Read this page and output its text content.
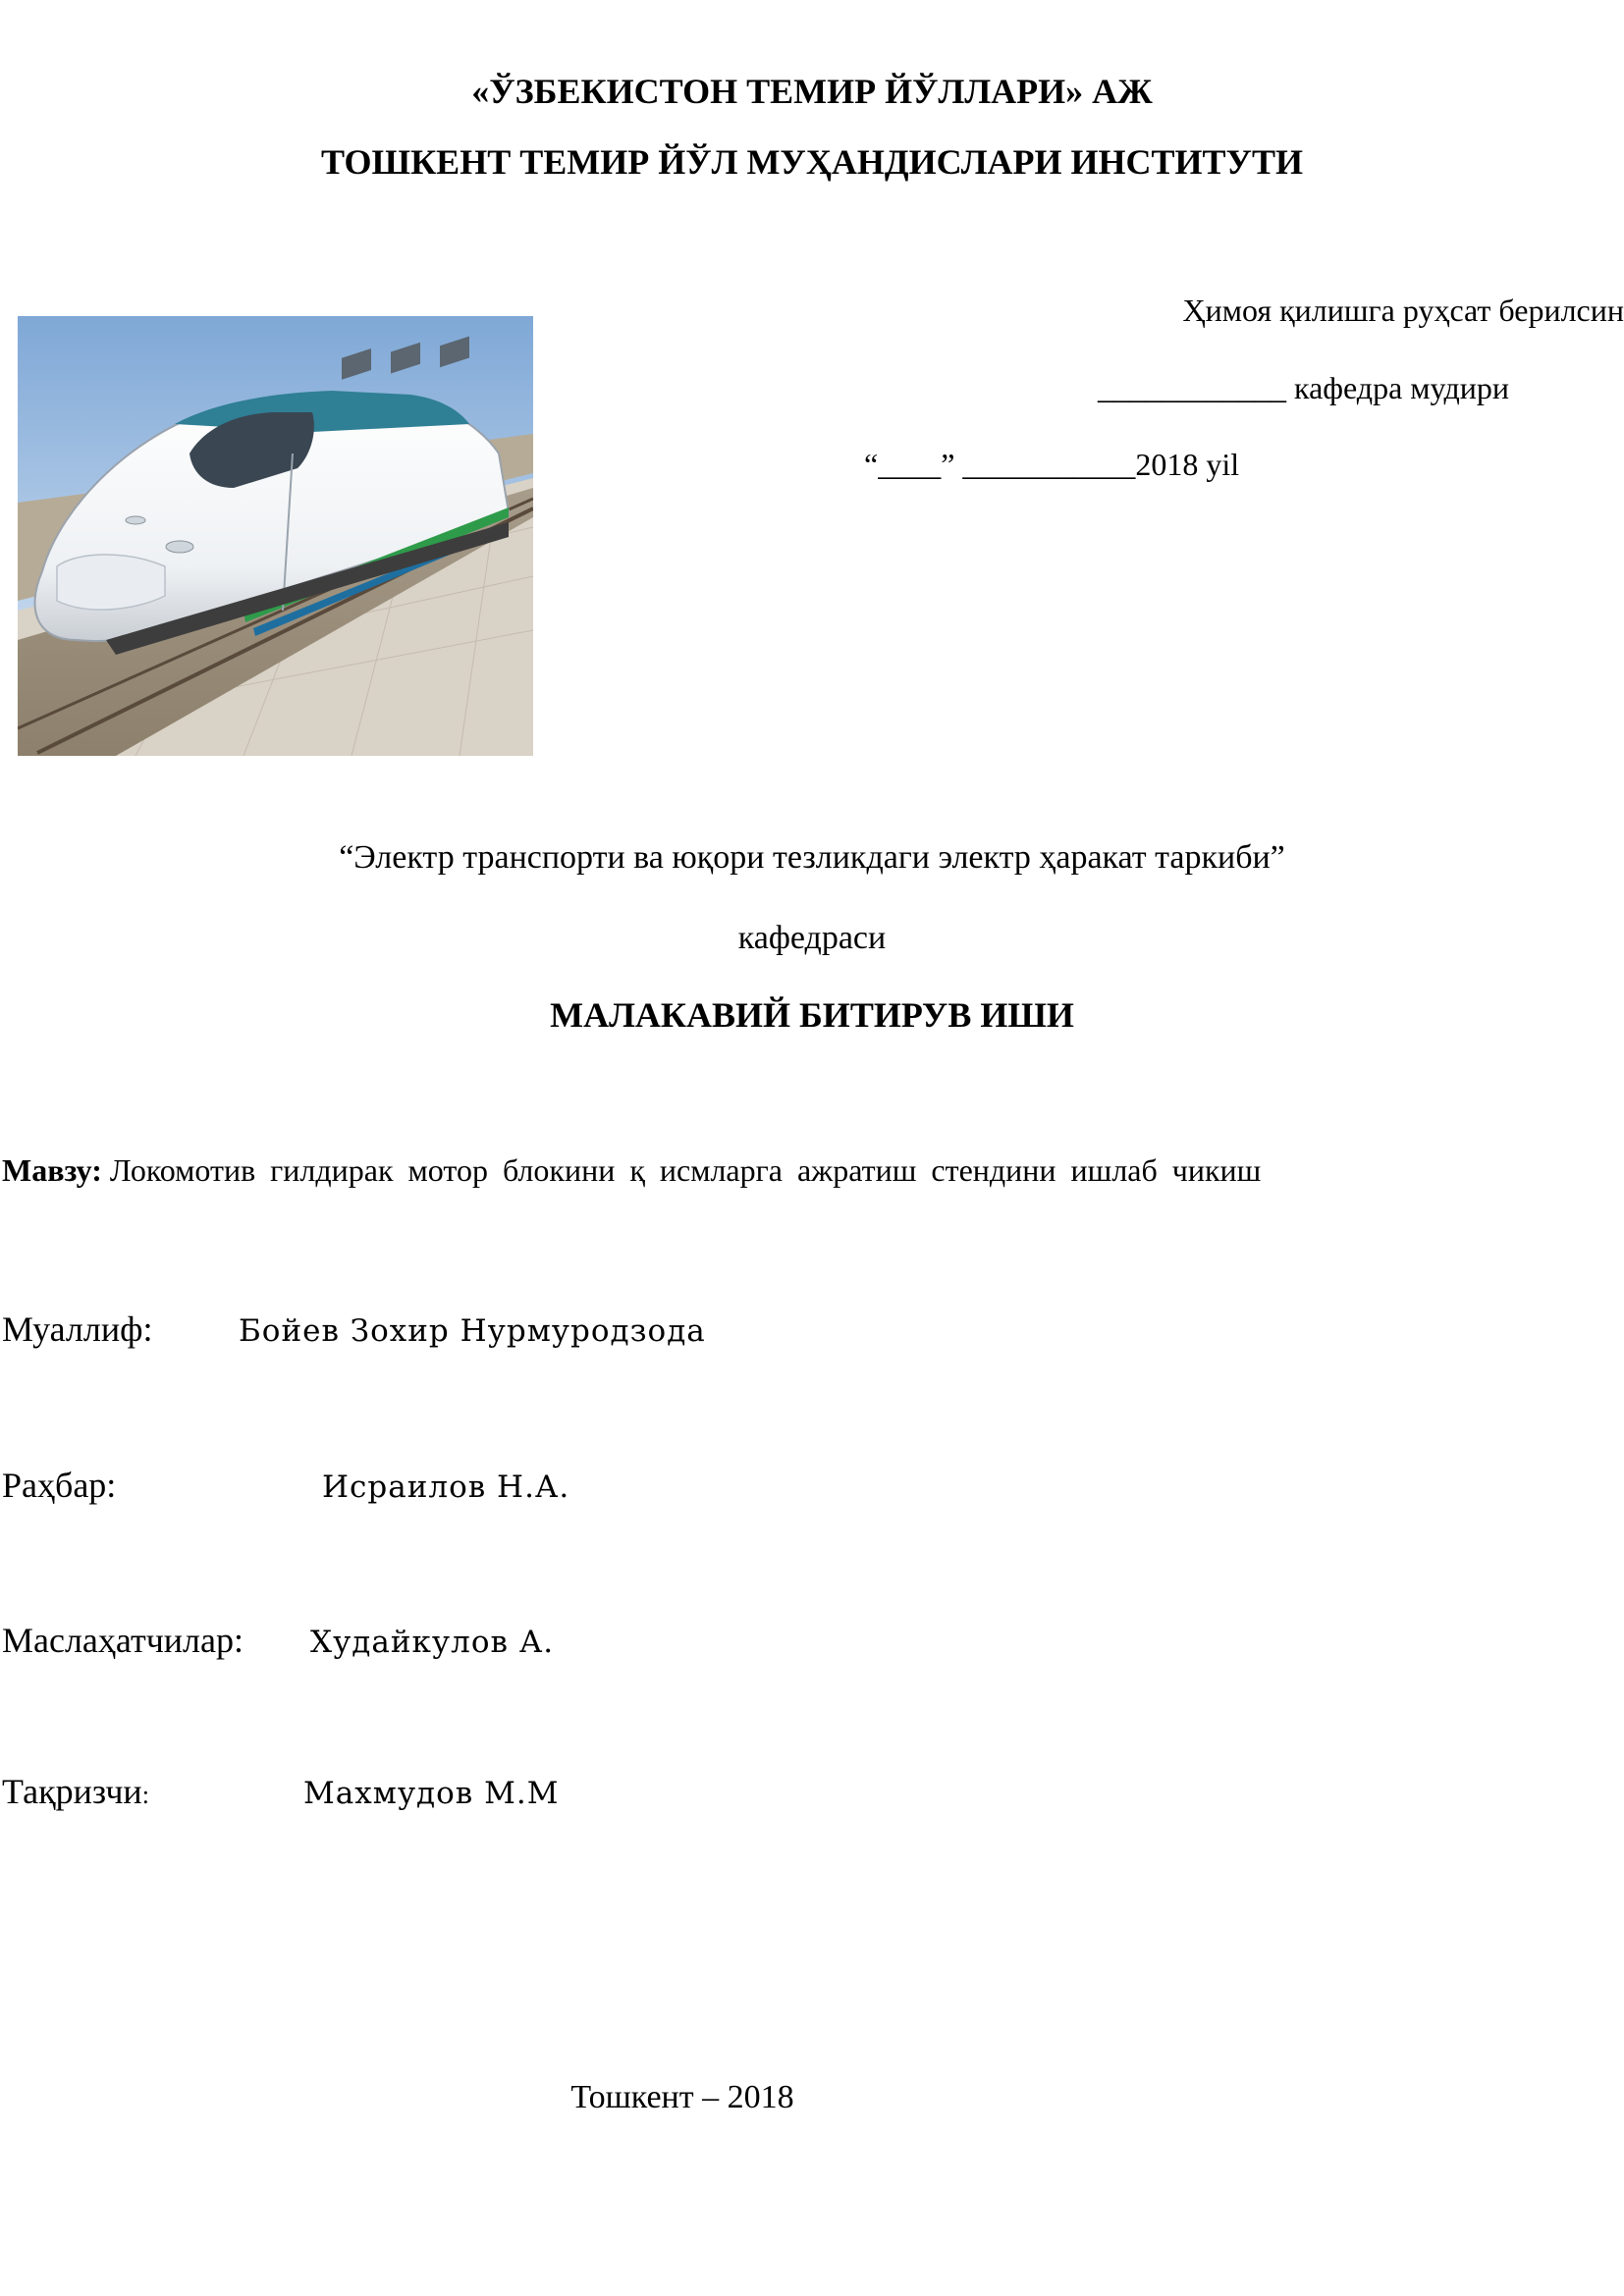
«ЎЗБЕКИСТОН ТЕМИР ЙЎЛЛАРИ» АЖ
ТОШКЕНТ ТЕМИР ЙЎЛ МУҲАНДИСЛАРИ ИНСТИТУТИ
Ҳимоя қилишга руҳсат берилсин
____________ кафедра мудири
“____” ___________2018 yil
“Электр транспорти ва юқори тезликдаги электр ҳаракат таркиби”
кафедраси
МАЛАКАВИЙ БИТИРУВ ИШИ
Мавзу: Локомотив гилдирак мотор блокини қ исмларга ажратиш стендини ишлаб чикиш
Муаллиф:	Бойев Зохир Нурмуродзода
Раҳбар:	Исраилов Н.А.
Маслаҳатчилар: Худайкулов А.
Тақризчи:	Махмудов М.М
Тошкент – 2018
